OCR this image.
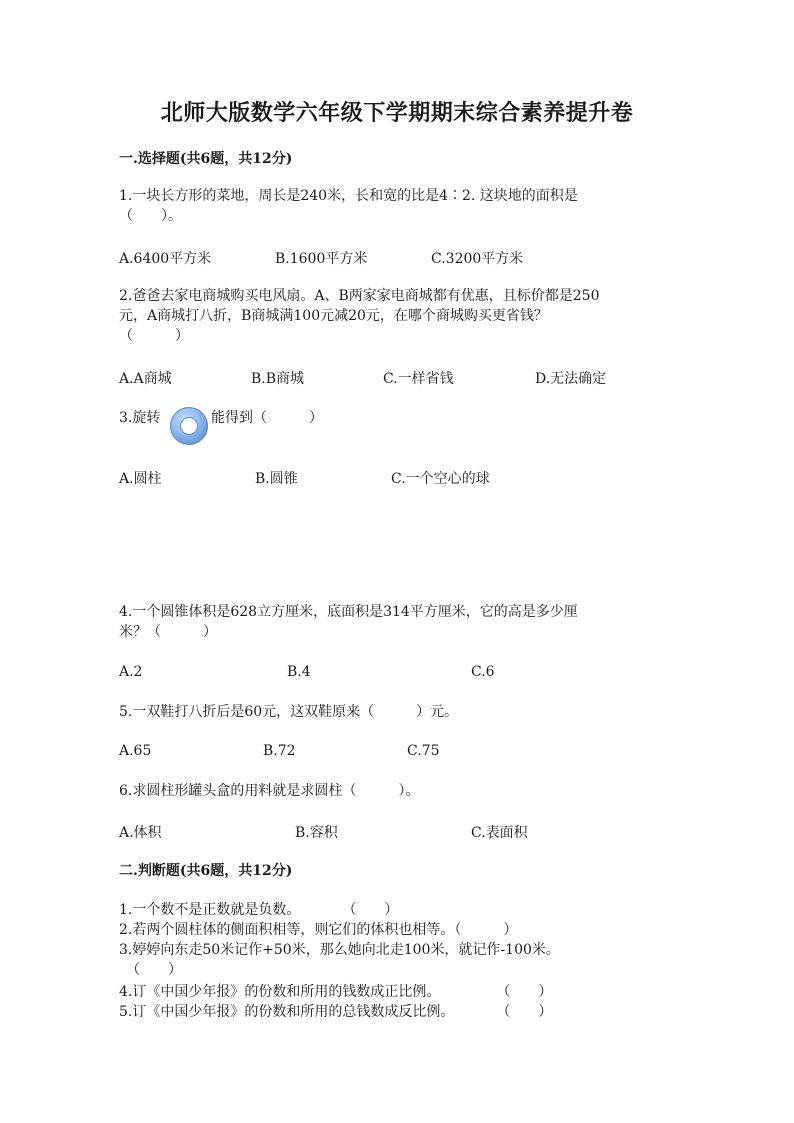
北师大版数学六年级下学期期末综合素养提升卷
一.选择题(共6题，共12分)
1.一块长方形的菜地，周长是240米，长和宽的比是4∶2. 这块地的面积是
（　　）。
A.6400平方米	B.1600平方米	C.3200平方米
2.爸爸去家电商城购买电风扇。A、B两家家电商城都有优惠，且标价都是250
元，A商城打八折，B商城满100元减20元，在哪个商城购买更省钱？
（　　　）
A.A商城	B.B商城	C.一样省钱	D.无法确定
3.旋转	能得到（　　　）
A.圆柱	B.圆锥	C.一个空心的球
4.一个圆锥体积是628立方厘米，底面积是314平方厘米，它的高是多少厘
米？（　　　）
A.2	B.4	C.6
5.一双鞋打八折后是60元，这双鞋原来（　　　）元。
A.65	B.72	C.75
6.求圆柱形罐头盒的用料就是求圆柱（　　　）。
A.体积	B.容积	C.表面积
二.判断题(共6题，共12分)
1.一个数不是正数就是负数。　　　　（　　）
2.若两个圆柱体的侧面积相等，则它们的体积也相等。（　　　）
3.婷婷向东走50米记作+50米，那么她向北走100米，就记作-100米。
　（　　）
4.订《中国少年报》的份数和所用的钱数成正比例。　　　　　（　　）
5.订《中国少年报》的份数和所用的总钱数成反比例。　　　　（　　）
